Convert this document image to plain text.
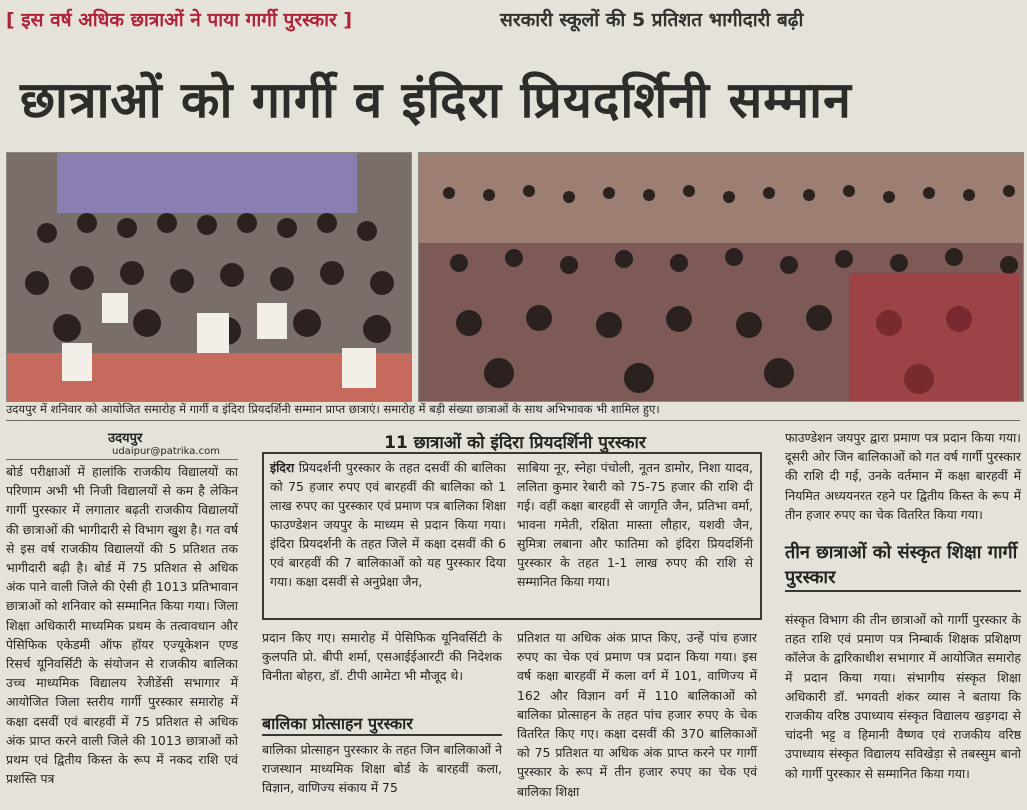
[ इस वर्ष अधिक छात्राओं ने पाया गार्गी पुरस्कार ]	सरकारी स्कूलों की 5 प्रतिशत भागीदारी बढ़ी
छात्राओं को गार्गी व इंदिरा प्रियदर्शिनी सम्मान
उदयपुर में शनिवार को आयोजित समारोह में गार्गी व इंदिरा प्रियदर्शिनी सम्मान प्राप्त छात्राएं। समारोह में बड़ी संख्या छात्राओं के साथ अभिभावक भी शामिल हुए।
उदयपुर
udaipur@patrika.com
बोर्ड परीक्षाओं में हालांकि राजकीय विद्यालयों का परिणाम अभी भी निजी विद्यालयों से कम है लेकिन गार्गी पुरस्कार में लगातार बढ़ती राजकीय विद्यालयों की छात्राओं की भागीदारी से विभाग खुश है। गत वर्ष से इस वर्ष राजकीय विद्यालयों की 5 प्रतिशत तक भागीदारी बढ़ी है। बोर्ड में 75 प्रतिशत से अधिक अंक पाने वाली जिले की ऐसी ही 1013 प्रतिभावान छात्राओं को शनिवार को सम्मानित किया गया। जिला शिक्षा अधिकारी माध्यमिक प्रथम के तत्वावधान और पेसिफिक एकेडमी ऑफ हॉयर एज्यूकेशन एण्ड रिसर्च यूनिवर्सिटी के संयोजन से राजकीय बालिका उच्च माध्यमिक विद्यालय रेजीडेंसी सभागार में आयोजित जिला स्तरीय गार्गी पुरस्कार समारोह में कक्षा दसवीं एवं बारहवीं में 75 प्रतिशत से अधिक अंक प्राप्त करने वाली जिले की 1013 छात्राओं को प्रथम एवं द्वितीय किस्त के रूप में नकद राशि एवं प्रशस्ति पत्र
11 छात्राओं को इंदिरा प्रियदर्शिनी पुरस्कार
इंदिरा प्रियदर्शनी पुरस्कार के तहत दसवीं की बालिका को 75 हजार रुपए एवं बारहवीं की बालिका को 1 लाख रुपए का पुरस्कार एवं प्रमाण पत्र बालिका शिक्षा फाउण्डेशन जयपुर के माध्यम से प्रदान किया गया। इंदिरा प्रियदर्शनी के तहत जिले में कक्षा दसवीं की 6 एवं बारहवीं की 7 बालिकाओं को यह पुरस्कार दिया गया। कक्षा दसवीं से अनुप्रेक्षा जैन,
साबिया नूर, स्नेहा पंचोली, नूतन डामोर, निशा यादव, ललिता कुमार रेबारी को 75-75 हजार की राशि दी गई। वहीं कक्षा बारहवीं से जागृति जैन, प्रतिभा वर्मा, भावना गमेती, रक्षिता मास्ता लौहार, यशवी जैन, सुमित्रा लबाना और फातिमा को इंदिरा प्रियदर्शिनी पुरस्कार के तहत 1-1 लाख रुपए की राशि से सम्मानित किया गया।
प्रदान किए गए। समारोह में पेसिफिक यूनिवर्सिटी के कुलपति प्रो. बीपी शर्मा, एसआईईआरटी की निदेशक विनीता बोहरा, डॉ. टीपी आमेटा भी मौजूद थे।
बालिका प्रोत्साहन पुरस्कार
बालिका प्रोत्साहन पुरस्कार के तहत जिन बालिकाओं ने राजस्थान माध्यमिक शिक्षा बोर्ड के बारहवीं कला, विज्ञान, वाणिज्य संकाय में 75
प्रतिशत या अधिक अंक प्राप्त किए, उन्हें पांच हजार रुपए का चेक एवं प्रमाण पत्र प्रदान किया गया। इस वर्ष कक्षा बारहवीं में कला वर्ग में 101, वाणिज्य में 162 और विज्ञान वर्ग में 110 बालिकाओं को बालिका प्रोत्साहन के तहत पांच हजार रुपए के चेक वितरित किए गए। कक्षा दसवीं की 370 बालिकाओं को 75 प्रतिशत या अधिक अंक प्राप्त करने पर गार्गी पुरस्कार के रूप में तीन हजार रुपए का चेक एवं बालिका शिक्षा
फाउण्डेशन जयपुर द्वारा प्रमाण पत्र प्रदान किया गया। दूसरी ओर जिन बालिकाओं को गत वर्ष गार्गी पुरस्कार की राशि दी गई, उनके वर्तमान में कक्षा बारहवीं में नियमित अध्ययनरत रहने पर द्वितीय किस्त के रूप में तीन हजार रुपए का चेक वितरित किया गया।
तीन छात्राओं को संस्कृत शिक्षा गार्गी पुरस्कार
संस्कृत विभाग की तीन छात्राओं को गार्गी पुरस्कार के तहत राशि एवं प्रमाण पत्र निम्बार्क शिक्षक प्रशिक्षण कॉलेज के द्वारिकाधीश सभागार में आयोजित समारोह में प्रदान किया गया। संभागीय संस्कृत शिक्षा अधिकारी डॉ. भगवती शंकर व्यास ने बताया कि राजकीय वरिष्ठ उपाध्याय संस्कृत विद्यालय खड़गदा से चांदनी भट्ट व हिमानी वैष्णव एवं राजकीय वरिष्ठ उपाध्याय संस्कृत विद्यालय सविखेड़ा से तबस्सुम बानो को गार्गी पुरस्कार से सम्मानित किया गया।
